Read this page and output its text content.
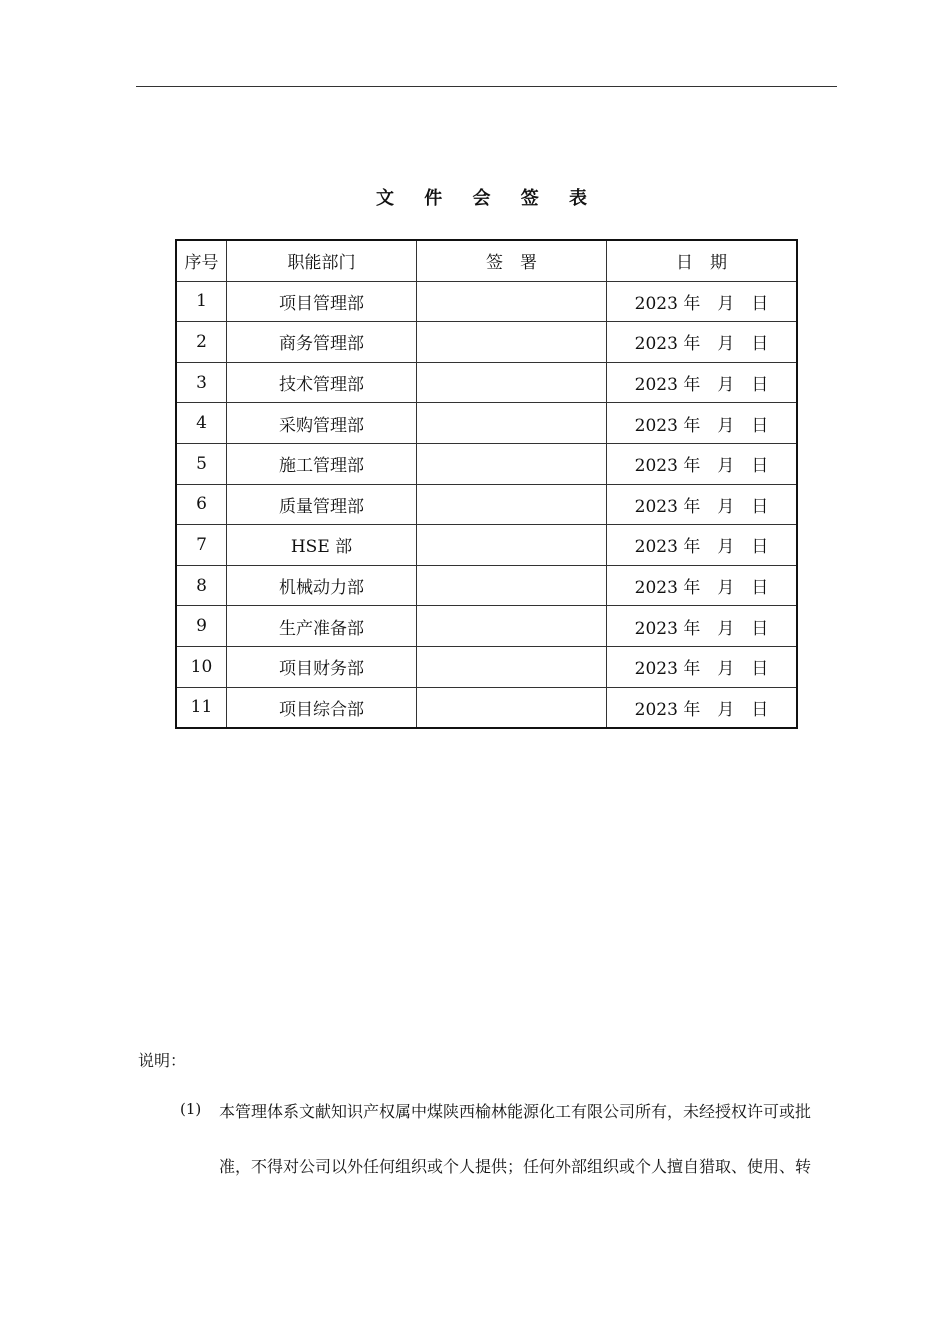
文 件 会 签 表
序号	职能部门	签　署	日　期
1	项目管理部		2023 年　月　日
2	商务管理部		2023 年　月　日
3	技术管理部		2023 年　月　日
4	采购管理部		2023 年　月　日
5	施工管理部		2023 年　月　日
6	质量管理部		2023 年　月　日
7	HSE 部		2023 年　月　日
8	机械动力部		2023 年　月　日
9	生产准备部		2023 年　月　日
10	项目财务部		2023 年　月　日
11	项目综合部		2023 年　月　日
说明：
(1) 本管理体系文献知识产权属中煤陕西榆林能源化工有限公司所有，未经授权许可或批
准，不得对公司以外任何组织或个人提供；任何外部组织或个人擅自猎取、使用、转
